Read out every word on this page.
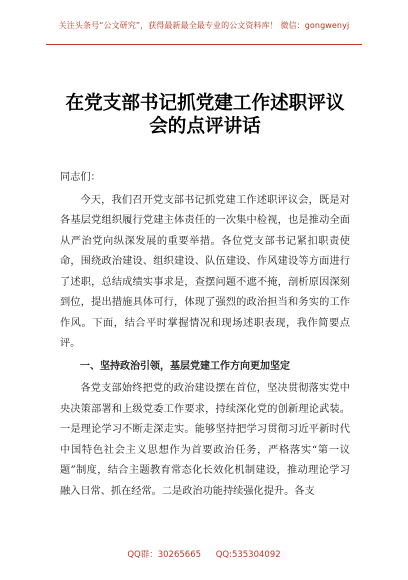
关注头条号“公文研究”，获得最新最全最专业的公文资料库！ 微信：gongwenyj
在党支部书记抓党建工作述职评议会的点评讲话

同志们：

今天，我们召开党支部书记抓党建工作述职评议会，既是对各基层党组织履行党建主体责任的一次集中检视，也是推动全面从严治党向纵深发展的重要举措。各位党支部书记紧扣职责使命，围绕政治建设、组织建设、队伍建设、作风建设等方面进行了述职，总结成绩实事求是，查摆问题不遮不掩，剖析原因深刻到位，提出措施具体可行，体现了强烈的政治担当和务实的工作作风。下面，结合平时掌握情况和现场述职表现，我作简要点评。

一、坚持政治引领，基层党建工作方向更加坚定

各党支部始终把党的政治建设摆在首位，坚决贯彻落实党中央决策部署和上级党委工作要求，持续深化党的创新理论武装。一是理论学习不断走深走实。能够坚持把学习贯彻习近平新时代中国特色社会主义思想作为首要政治任务，严格落实“第一议题”制度，结合主题教育常态化长效化机制建设，推动理论学习融入日常、抓在经常。二是政治功能持续强化提升。各支

QQ群：30265665 QQ:535304092
